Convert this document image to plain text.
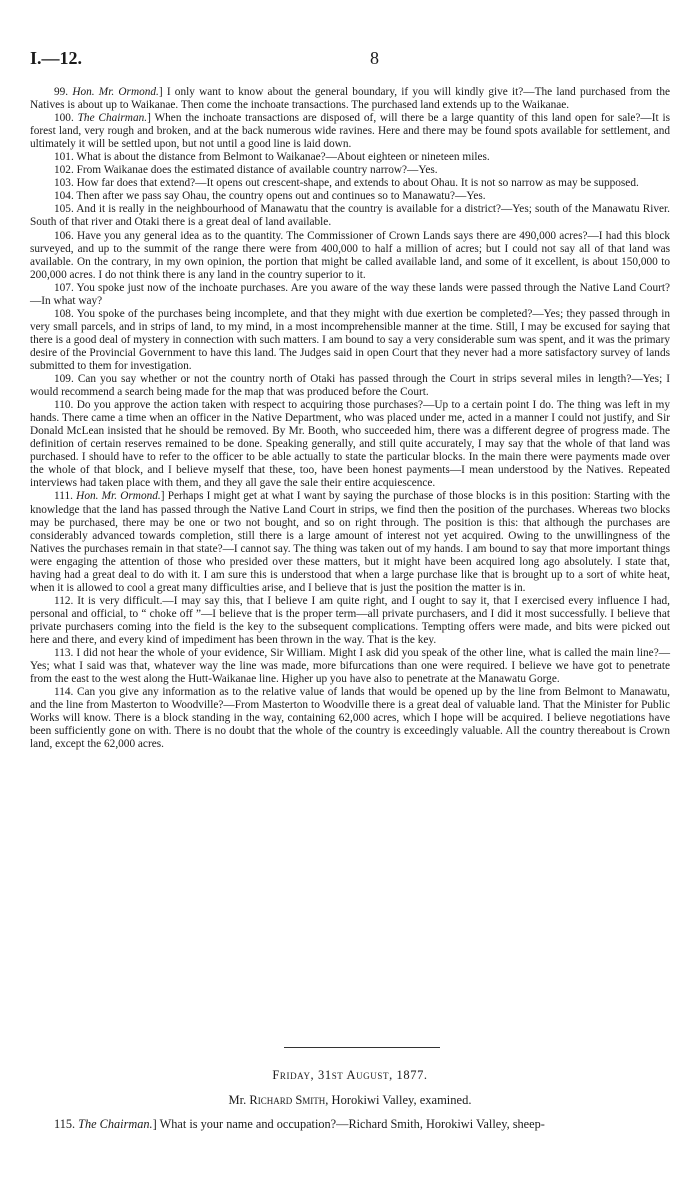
I.—12.	8

99. Hon. Mr. Ormond.] I only want to know about the general boundary, if you will kindly give it?—The land purchased from the Natives is about up to Waikanae. Then come the inchoate transactions. The purchased land extends up to the Waikanae.

100. The Chairman.] When the inchoate transactions are disposed of, will there be a large quantity of this land open for sale?—It is forest land, very rough and broken, and at the back numerous wide ravines. Here and there may be found spots available for settlement, and ultimately it will be settled upon, but not until a good line is laid down.

101. What is about the distance from Belmont to Waikanae?—About eighteen or nineteen miles.

102. From Waikanae does the estimated distance of available country narrow?—Yes.

103. How far does that extend?—It opens out crescent-shape, and extends to about Ohau. It is not so narrow as may be supposed.

104. Then after we pass say Ohau, the country opens out and continues so to Manawatu?—Yes.

105. And it is really in the neighbourhood of Manawatu that the country is available for a district?—Yes; south of the Manawatu River. South of that river and Otaki there is a great deal of land available.

106. Have you any general idea as to the quantity. The Commissioner of Crown Lands says there are 490,000 acres?—I had this block surveyed, and up to the summit of the range there were from 400,000 to half a million of acres; but I could not say all of that land was available. On the contrary, in my own opinion, the portion that might be called available land, and some of it excellent, is about 150,000 to 200,000 acres. I do not think there is any land in the country superior to it.

107. You spoke just now of the inchoate purchases. Are you aware of the way these lands were passed through the Native Land Court?—In what way?

108. You spoke of the purchases being incomplete, and that they might with due exertion be completed?—Yes; they passed through in very small parcels, and in strips of land, to my mind, in a most incomprehensible manner at the time. Still, I may be excused for saying that there is a good deal of mystery in connection with such matters. I am bound to say a very considerable sum was spent, and it was the primary desire of the Provincial Government to have this land. The Judges said in open Court that they never had a more satisfactory survey of lands submitted to them for investigation.

109. Can you say whether or not the country north of Otaki has passed through the Court in strips several miles in length?—Yes; I would recommend a search being made for the map that was produced before the Court.

110. Do you approve the action taken with respect to acquiring those purchases?—Up to a certain point I do. The thing was left in my hands. There came a time when an officer in the Native Department, who was placed under me, acted in a manner I could not justify, and Sir Donald McLean insisted that he should be removed. By Mr. Booth, who succeeded him, there was a different degree of progress made. The definition of certain reserves remained to be done. Speaking generally, and still quite accurately, I may say that the whole of that land was purchased. I should have to refer to the officer to be able actually to state the particular blocks. In the main there were payments made over the whole of that block, and I believe myself that these, too, have been honest payments—I mean understood by the Natives. Repeated interviews had taken place with them, and they all gave the sale their entire acquiescence.

111. Hon. Mr. Ormond.] Perhaps I might get at what I want by saying the purchase of those blocks is in this position: Starting with the knowledge that the land has passed through the Native Land Court in strips, we find then the position of the purchases. Whereas two blocks may be purchased, there may be one or two not bought, and so on right through. The position is this: that although the purchases are considerably advanced towards completion, still there is a large amount of interest not yet acquired. Owing to the unwillingness of the Natives the purchases remain in that state?—I cannot say. The thing was taken out of my hands. I am bound to say that more important things were engaging the attention of those who presided over these matters, but it might have been acquired long ago absolutely. I state that, having had a great deal to do with it. I am sure this is understood that when a large purchase like that is brought up to a sort of white heat, when it is allowed to cool a great many difficulties arise, and I believe that is just the position the matter is in.

112. It is very difficult.—I may say this, that I believe I am quite right, and I ought to say it, that I exercised every influence I had, personal and official, to “ choke off ”—I believe that is the proper term—all private purchasers, and I did it most successfully. I believe that private purchasers coming into the field is the key to the subsequent complications. Tempting offers were made, and bits were picked out here and there, and every kind of impediment has been thrown in the way. That is the key.

113. I did not hear the whole of your evidence, Sir William. Might I ask did you speak of the other line, what is called the main line?—Yes; what I said was that, whatever way the line was made, more bifurcations than one were required. I believe we have got to penetrate from the east to the west along the Hutt-Waikanae line. Higher up you have also to penetrate at the Manawatu Gorge.

114. Can you give any information as to the relative value of lands that would be opened up by the line from Belmont to Manawatu, and the line from Masterton to Woodville?—From Masterton to Woodville there is a great deal of valuable land. That the Minister for Public Works will know. There is a block standing in the way, containing 62,000 acres, which I hope will be acquired. I believe negotiations have been sufficiently gone on with. There is no doubt that the whole of the country is exceedingly valuable. All the country thereabout is Crown land, except the 62,000 acres.

Friday, 31st August, 1877.
Mr. Richard Smith, Horokiwi Valley, examined.
115. The Chairman.] What is your name and occupation?—Richard Smith, Horokiwi Valley, sheep-
